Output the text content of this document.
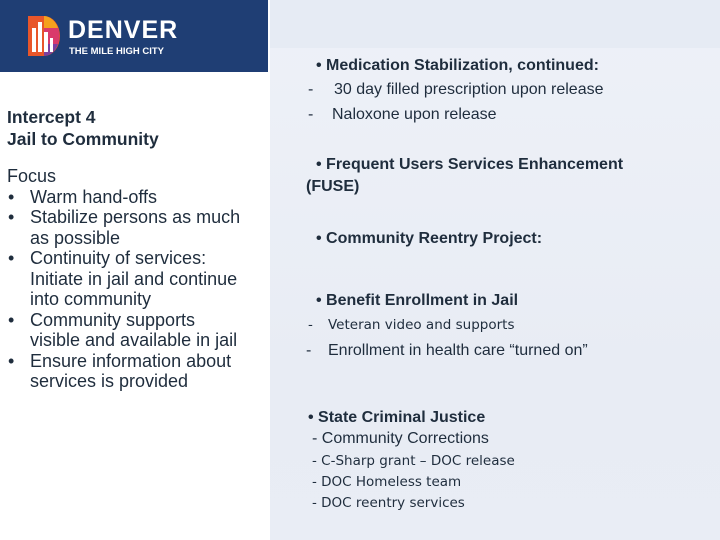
DENVER
THE MILE HIGH CITY
Intercept 4
Jail to Community
Focus
• Warm hand-offs
• Stabilize persons as much as possible
• Continuity of services: Initiate in jail and continue into community
• Community supports visible and available in jail
• Ensure information about services is provided
• Medication Stabilization, continued:
- 30 day filled prescription upon release
- Naloxone upon release
• Frequent Users Services Enhancement
(FUSE)
• Community Reentry Project:
• Benefit Enrollment in Jail
- Veteran video and supports
- Enrollment in health care “turned on”
• State Criminal Justice
- Community Corrections
- C-Sharp grant – DOC release
- DOC Homeless team
- DOC reentry services
